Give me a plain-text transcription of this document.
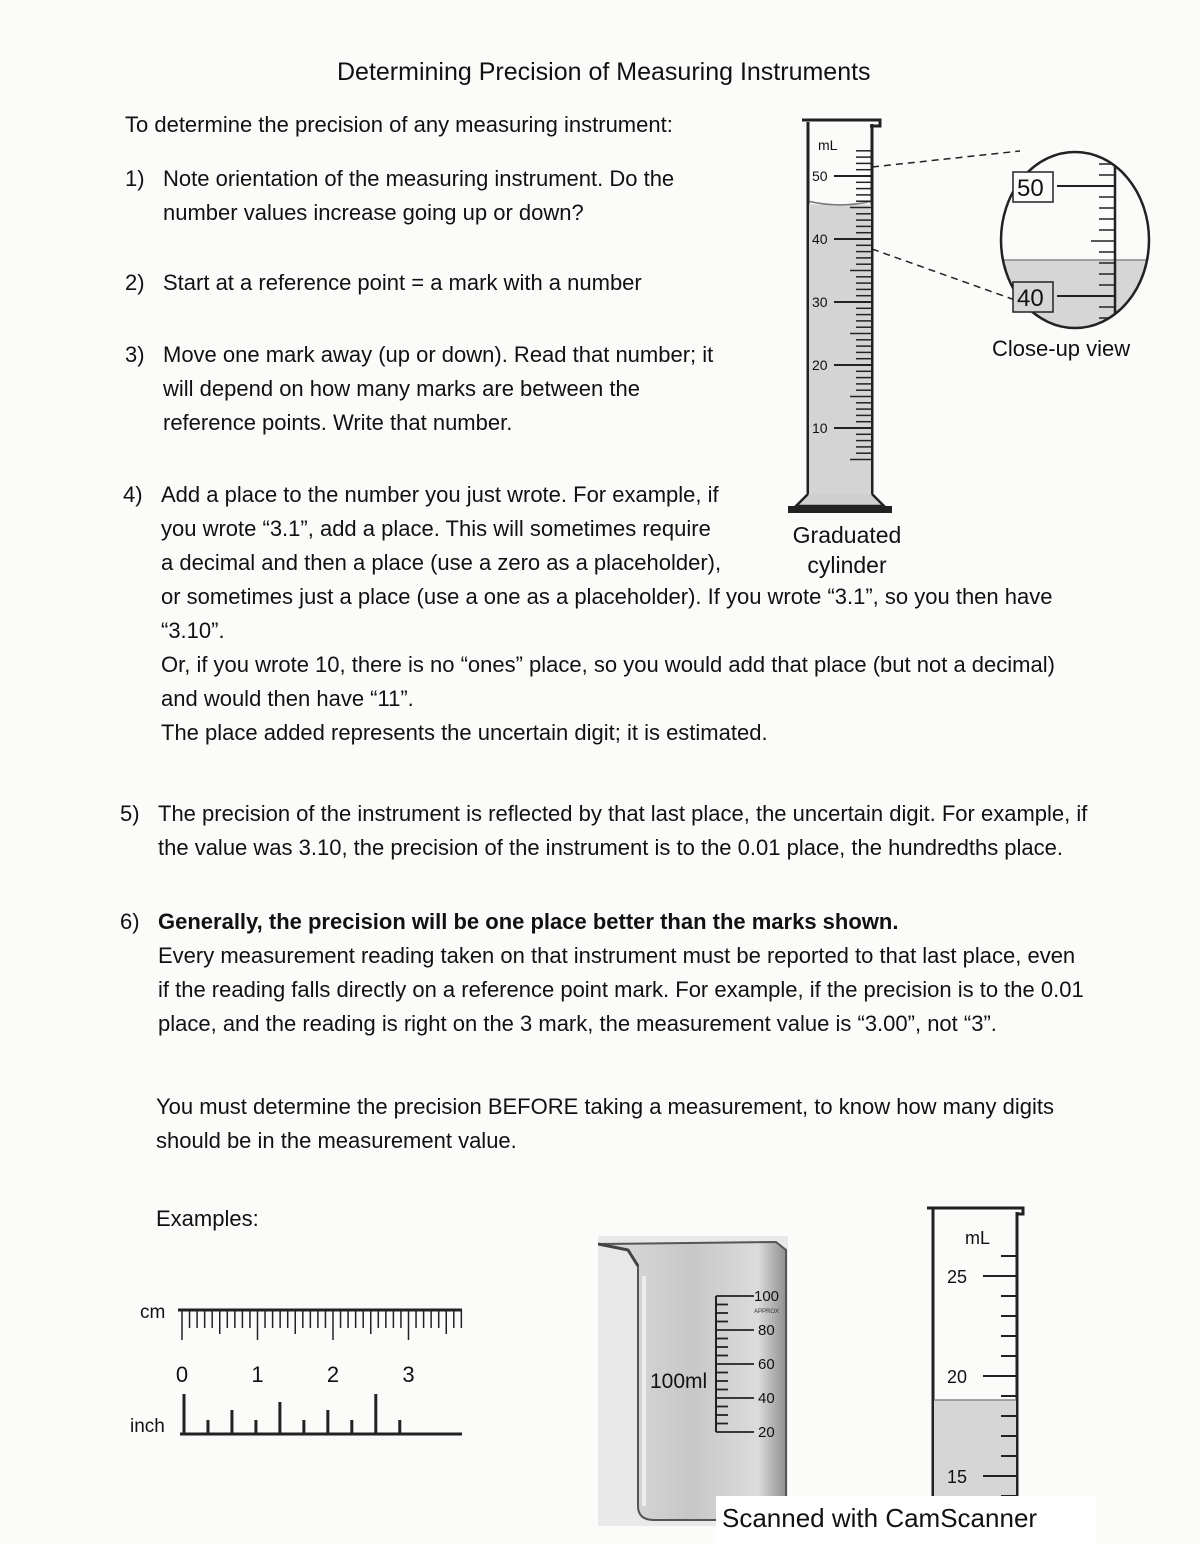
Determining Precision of Measuring Instruments
To determine the precision of any measuring instrument:
1) Note orientation of the measuring instrument. Do the
number values increase going up or down?
2) Start at a reference point = a mark with a number
3) Move one mark away (up or down). Read that number; it
will depend on how many marks are between the
reference points. Write that number.
4) Add a place to the number you just wrote. For example, if
you wrote “3.1”, add a place. This will sometimes require
a decimal and then a place (use a zero as a placeholder),
or sometimes just a place (use a one as a placeholder). If you wrote “3.1”, so you then have
“3.10”.
Or, if you wrote 10, there is no “ones” place, so you would add that place (but not a decimal)
and would then have “11”.
The place added represents the uncertain digit; it is estimated.
5) The precision of the instrument is reflected by that last place, the uncertain digit. For example, if
the value was 3.10, the precision of the instrument is to the 0.01 place, the hundredths place.
6) Generally, the precision will be one place better than the marks shown.
Every measurement reading taken on that instrument must be reported to that last place, even
if the reading falls directly on a reference point mark. For example, if the precision is to the 0.01
place, and the reading is right on the 3 mark, the measurement value is “3.00”, not “3”.
You must determine the precision BEFORE taking a measurement, to know how many digits
should be in the measurement value.
Examples:
mL
50
40
30
20
10
50
40
Close-up view
Graduated
cylinder
cm
inch
0	1	2	3
100
APPROX
80
60
40
20
100ml
mL
25
20
15
Scanned with CamScanner
